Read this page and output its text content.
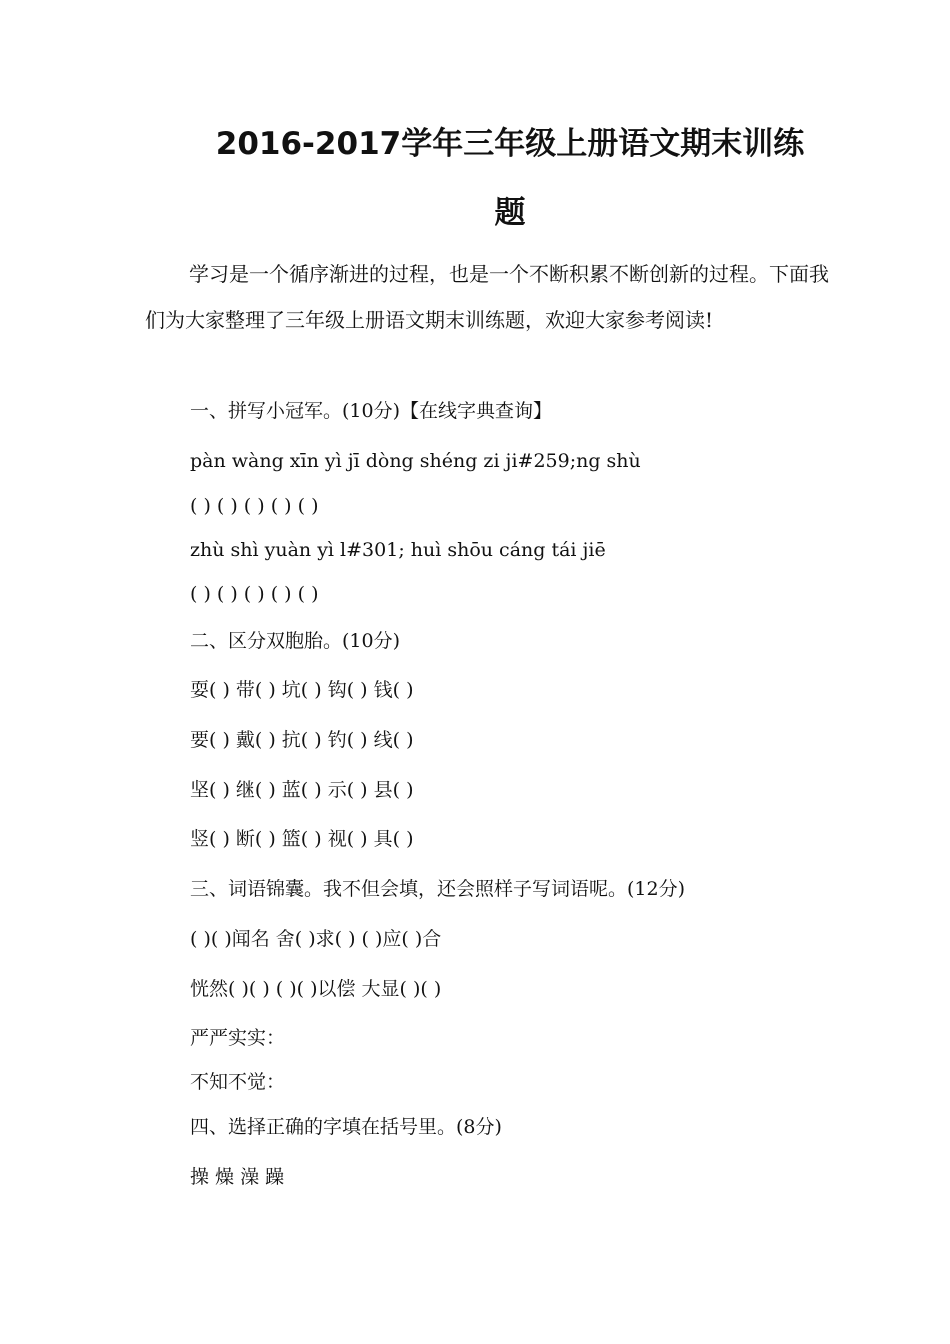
2016-2017学年三年级上册语文期末训练
题
学习是一个循序渐进的过程，也是一个不断积累不断创新的过程。下面我们为大家整理了三年级上册语文期末训练题，欢迎大家参考阅读!
一、拼写小冠军。(10分)【在线字典查询】
pàn wàng xīn yì jī dòng shéng zi ji#259;ng shù
( ) ( ) ( ) ( ) ( )
zhù shì yuàn yì l#301; huì shōu cáng tái jiē
( ) ( ) ( ) ( ) ( )
二、区分双胞胎。(10分)
耍( ) 带( ) 坑( ) 钩( ) 钱( )
要( ) 戴( ) 抗( ) 钓( ) 线( )
坚( ) 继( ) 蓝( ) 示( ) 县( )
竖( ) 断( ) 篮( ) 视( ) 具( )
三、词语锦囊。我不但会填，还会照样子写词语呢。(12分)
( )( )闻名 舍( )求( ) ( )应( )合
恍然( )( ) ( )( )以偿 大显( )( )
严严实实：
不知不觉：
四、选择正确的字填在括号里。(8分)
操 燥 澡 躁
